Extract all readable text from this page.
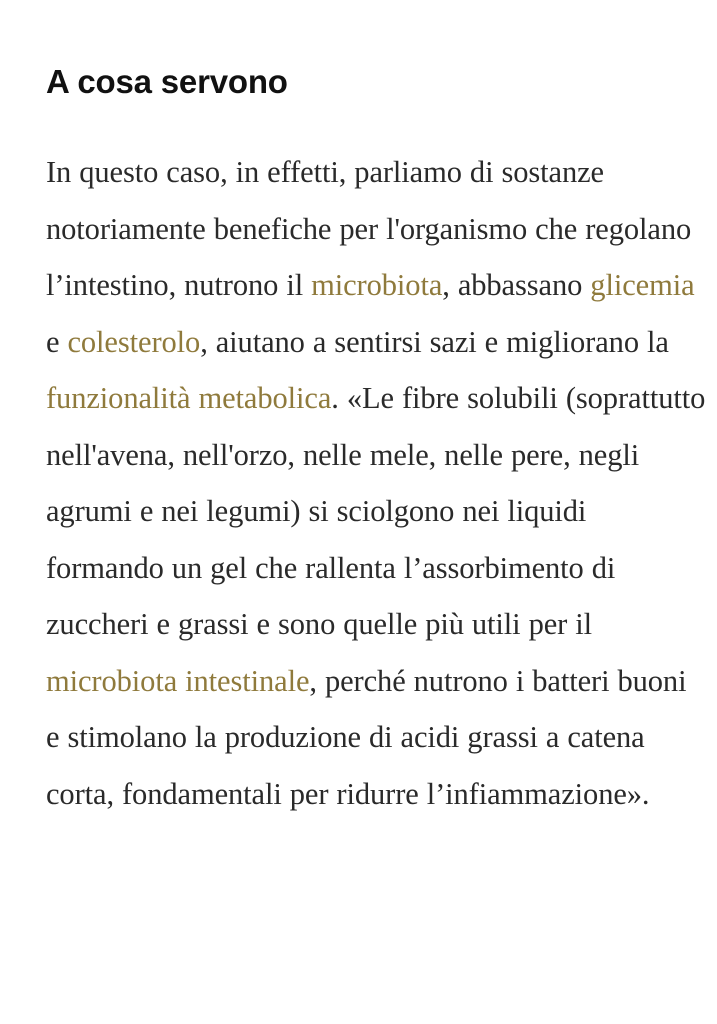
A cosa servono

In questo caso, in effetti, parliamo di sostanze notoriamente benefiche per l'organismo che regolano l’intestino, nutrono il microbiota, abbassano glicemia e colesterolo, aiutano a sentirsi sazi e migliorano la funzionalità metabolica. «Le fibre solubili (soprattutto nell'avena, nell'orzo, nelle mele, nelle pere, negli agrumi e nei legumi) si sciolgono nei liquidi formando un gel che rallenta l’assorbimento di zuccheri e grassi e sono quelle più utili per il microbiota intestinale, perché nutrono i batteri buoni e stimolano la produzione di acidi grassi a catena corta, fondamentali per ridurre l’infiammazione».
